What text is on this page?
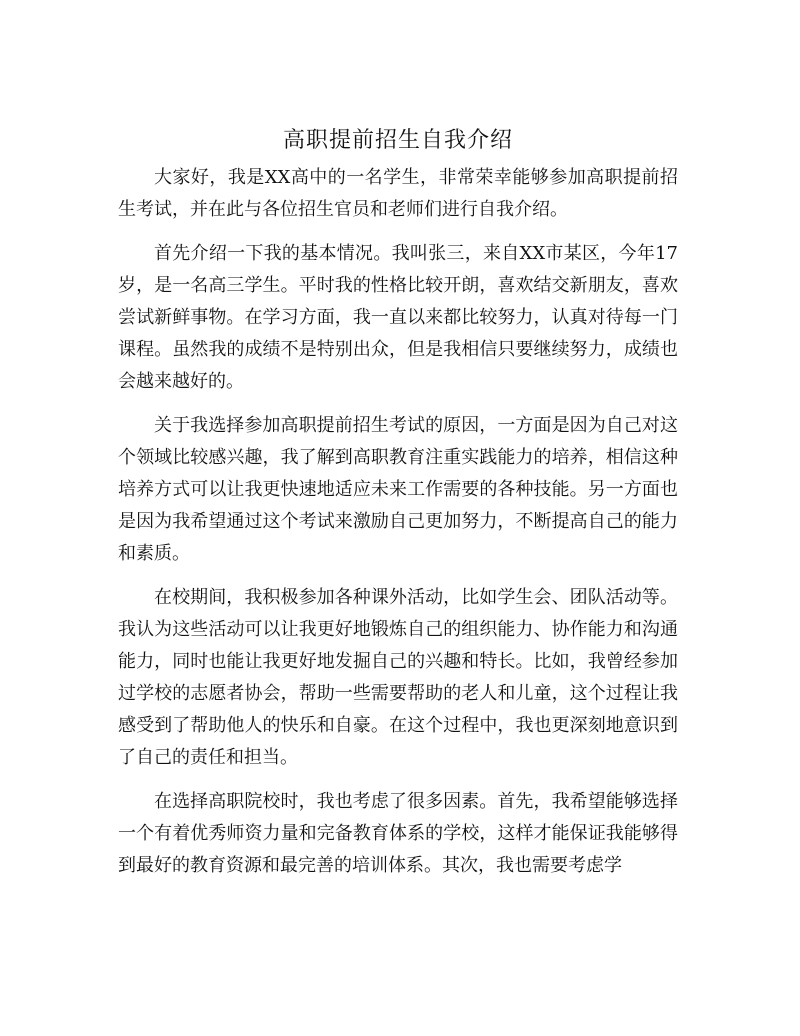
高职提前招生自我介绍

大家好，我是XX高中的一名学生，非常荣幸能够参加高职提前招生考试，并在此与各位招生官员和老师们进行自我介绍。

首先介绍一下我的基本情况。我叫张三，来自XX市某区，今年17岁，是一名高三学生。平时我的性格比较开朗，喜欢结交新朋友，喜欢尝试新鲜事物。在学习方面，我一直以来都比较努力，认真对待每一门课程。虽然我的成绩不是特别出众，但是我相信只要继续努力，成绩也会越来越好的。

关于我选择参加高职提前招生考试的原因，一方面是因为自己对这个领域比较感兴趣，我了解到高职教育注重实践能力的培养，相信这种培养方式可以让我更快速地适应未来工作需要的各种技能。另一方面也是因为我希望通过这个考试来激励自己更加努力，不断提高自己的能力和素质。

在校期间，我积极参加各种课外活动，比如学生会、团队活动等。我认为这些活动可以让我更好地锻炼自己的组织能力、协作能力和沟通能力，同时也能让我更好地发掘自己的兴趣和特长。比如，我曾经参加过学校的志愿者协会，帮助一些需要帮助的老人和儿童，这个过程让我感受到了帮助他人的快乐和自豪。在这个过程中，我也更深刻地意识到了自己的责任和担当。

在选择高职院校时，我也考虑了很多因素。首先，我希望能够选择一个有着优秀师资力量和完备教育体系的学校，这样才能保证我能够得到最好的教育资源和最完善的培训体系。其次，我也需要考虑学
